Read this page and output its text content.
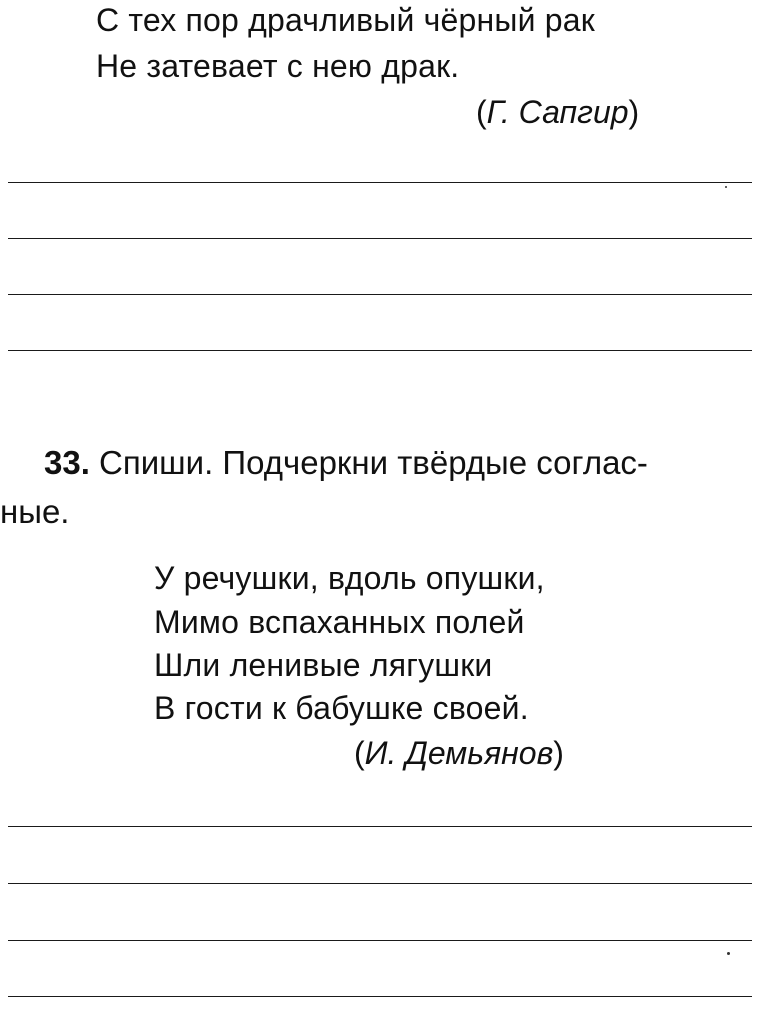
С тех пор драчливый чёрный рак
Не затевает с нею драк.
(Г. Сапгир)
33. Спиши. Подчеркни твёрдые соглас-
ные.
У речушки, вдоль опушки,
Мимо вспаханных полей
Шли ленивые лягушки
В гости к бабушке своей.
(И. Демьянов)
